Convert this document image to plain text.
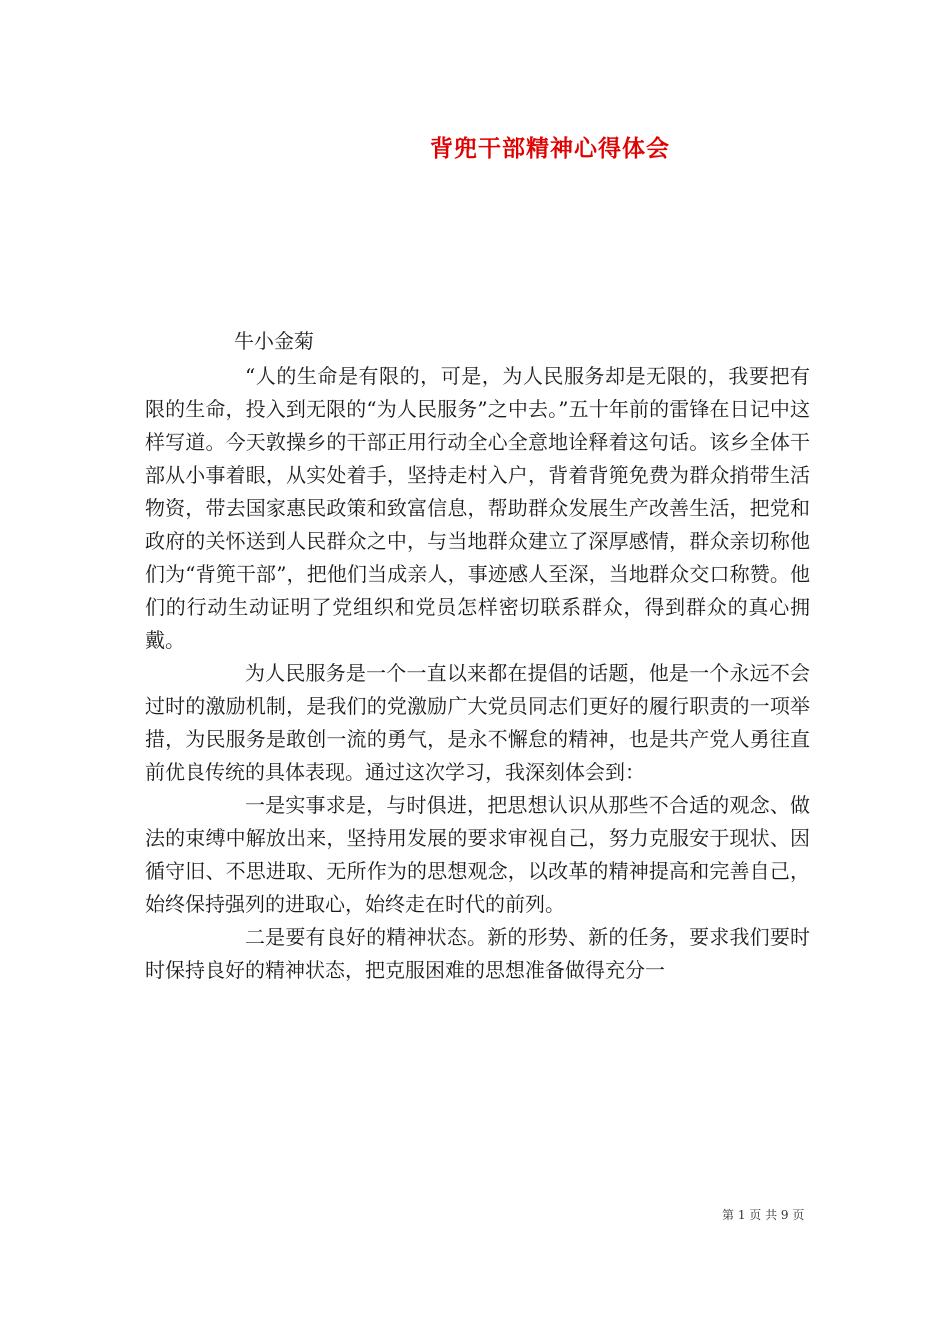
背兜干部精神心得体会

牛小金菊

“人的生命是有限的，可是，为人民服务却是无限的，我要把有限的生命，投入到无限的“为人民服务”之中去。”五十年前的雷锋在日记中这样写道。今天敦操乡的干部正用行动全心全意地诠释着这句话。该乡全体干部从小事着眼，从实处着手，坚持走村入户，背着背篼免费为群众捎带生活物资，带去国家惠民政策和致富信息，帮助群众发展生产改善生活，把党和政府的关怀送到人民群众之中，与当地群众建立了深厚感情，群众亲切称他们为“背篼干部”，把他们当成亲人，事迹感人至深，当地群众交口称赞。他们的行动生动证明了党组织和党员怎样密切联系群众，得到群众的真心拥戴。

为人民服务是一个一直以来都在提倡的话题，他是一个永远不会过时的激励机制，是我们的党激励广大党员同志们更好的履行职责的一项举措，为民服务是敢创一流的勇气，是永不懈怠的精神，也是共产党人勇往直前优良传统的具体表现。通过这次学习，我深刻体会到：

一是实事求是，与时俱进，把思想认识从那些不合适的观念、做法的束缚中解放出来，坚持用发展的要求审视自己，努力克服安于现状、因循守旧、不思进取、无所作为的思想观念，以改革的精神提高和完善自己，始终保持强列的进取心，始终走在时代的前列。

二是要有良好的精神状态。新的形势、新的任务，要求我们要时时保持良好的精神状态，把克服困难的思想准备做得充分一

第 1 页 共 9 页
